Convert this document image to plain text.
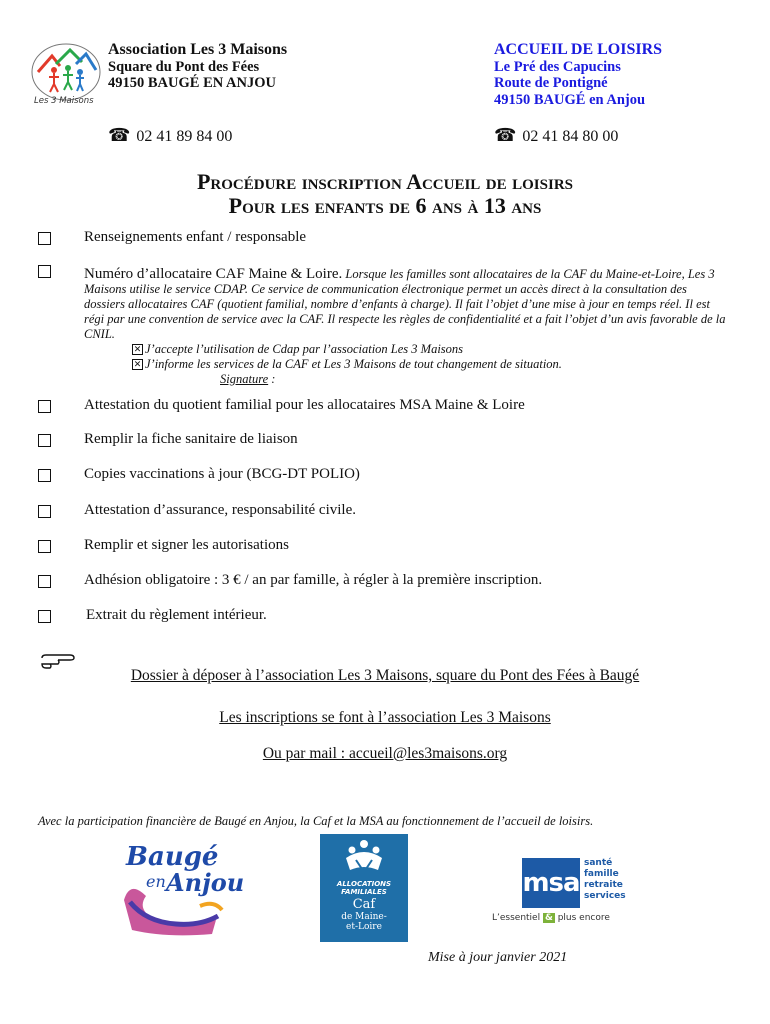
Les 3 Maisons
Association Les 3 Maisons
Square du Pont des Fées
49150 BAUGÉ EN ANJOU
ACCUEIL DE LOISIRS
Le Pré des Capucins
Route de Pontigné
49150 BAUGÉ en Anjou
☎ 02 41 89 84 00	☎ 02 41 84 80 00
Procédure inscription Accueil de loisirs
Pour les enfants de 6 ans à 13 ans
Renseignements enfant / responsable
Numéro d’allocataire CAF Maine & Loire. Lorsque les familles sont allocataires de la CAF du Maine-et-Loire, Les 3 Maisons utilise le service CDAP. Ce service de communication électronique permet un accès direct à la consultation des dossiers allocataires CAF (quotient familial, nombre d’enfants à charge). Il fait l’objet d’une mise à jour en temps réel. Il est régi par une convention de service avec la CAF. Il respecte les règles de confidentialité et a fait l’objet d’un avis favorable de la CNIL.
✕ J’accepte l’utilisation de Cdap par l’association Les 3 Maisons
✕ J’informe les services de la CAF et Les 3 Maisons de tout changement de situation.
Signature :
Attestation du quotient familial pour les allocataires MSA Maine & Loire
Remplir la fiche sanitaire de liaison
Copies vaccinations à jour (BCG-DT POLIO)
Attestation d’assurance, responsabilité civile.
Remplir et signer les autorisations
Adhésion obligatoire : 3 € / an par famille, à régler à la première inscription.
Extrait du règlement intérieur.
Dossier à déposer à l’association Les 3 Maisons, square du Pont des Fées à Baugé
Les inscriptions se font à l’association Les 3 Maisons
Ou par mail : accueil@les3maisons.org
Avec la participation financière de Baugé en Anjou, la Caf et la MSA au fonctionnement de l’accueil de loisirs.
Baugé
en Anjou	ALLOCATIONS
FAMILIALES
Caf
de Maine-
et-Loire
msa
santé
famille
retraite
services
L’essentiel & plus encore
Mise à jour janvier 2021
